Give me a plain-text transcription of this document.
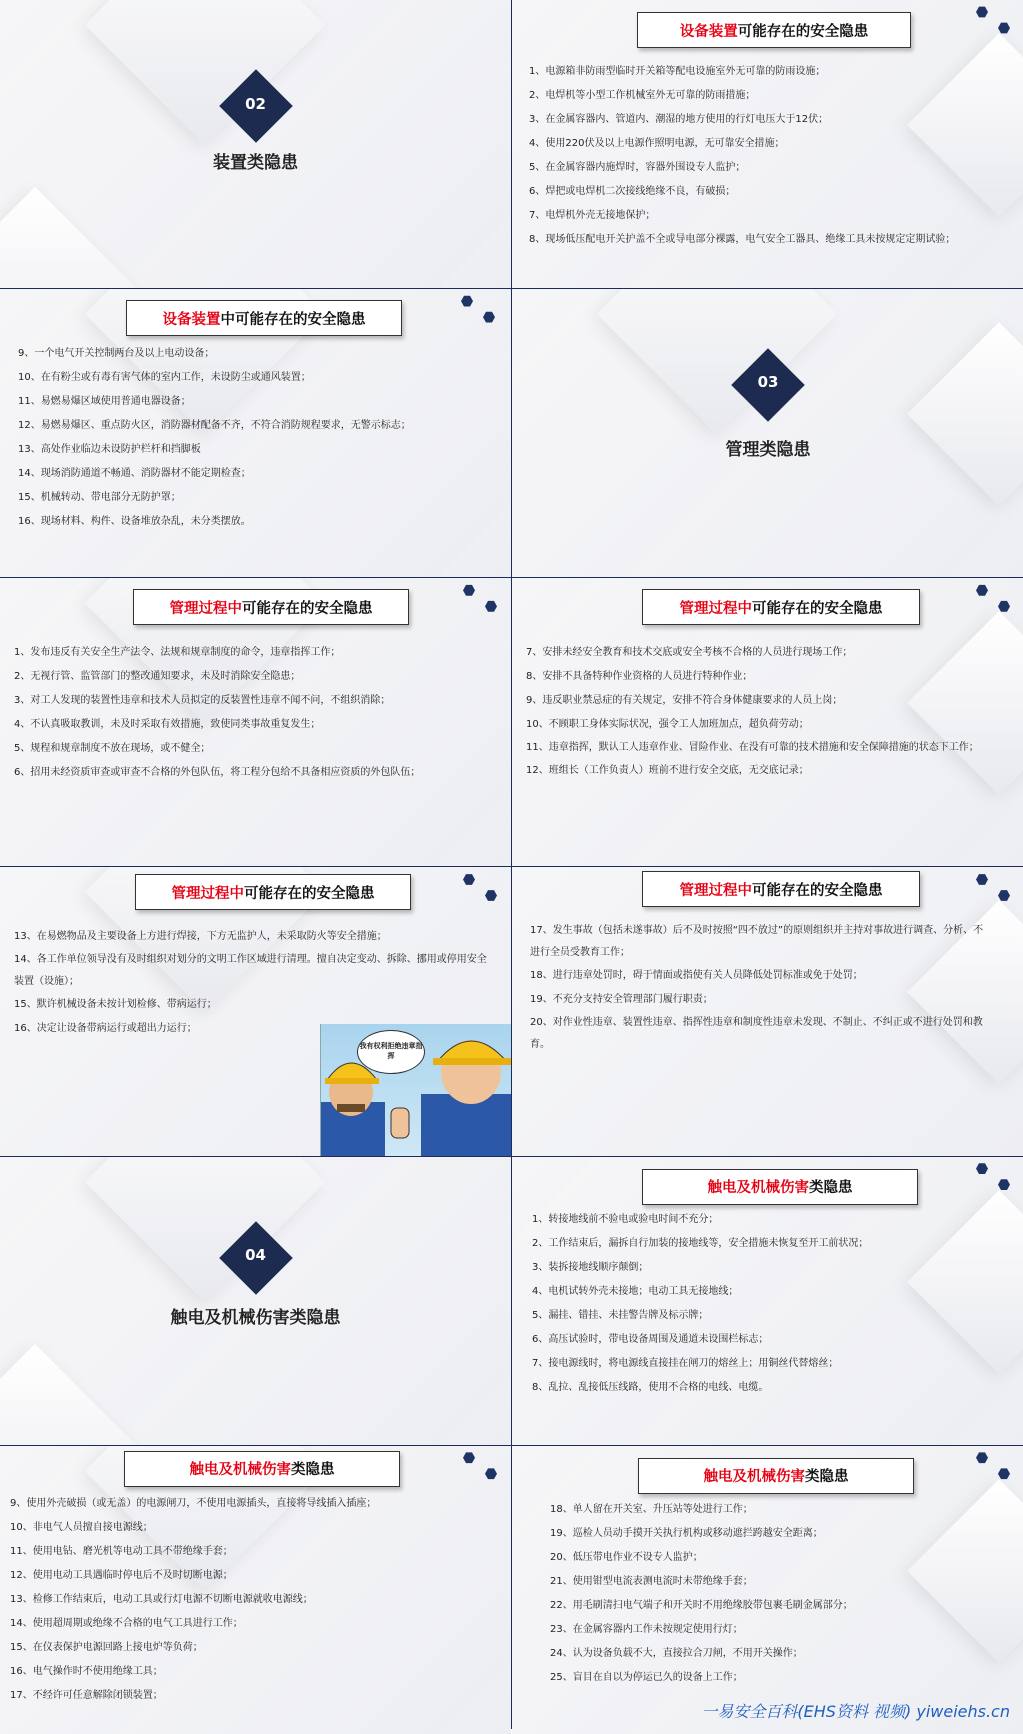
02
装置类隐患
设备装置 可能存在的安全隐患

1、电源箱非防雨型临时开关箱等配电设施室外无可靠的防雨设施；

2、电焊机等小型工作机械室外无可靠的防雨措施；

3、在金属容器内、管道内、潮湿的地方使用的行灯电压大于12伏；

4、使用220伏及以上电源作照明电源，无可靠安全措施；

5、在金属容器内施焊时，容器外围设专人监护；

6、焊把或电焊机二次接线绝缘不良，有破损；

7、电焊机外壳无接地保护；

8、现场低压配电开关护盖不全或导电部分裸露，电气安全工器具、绝缘工具未按规定定期试验；

设备装置 中可能存在的安全隐患

9、一个电气开关控制两台及以上电动设备；

10、在有粉尘或有毒有害气体的室内工作，未设防尘或通风装置；

11、易燃易爆区域使用普通电器设备；

12、易燃易爆区、重点防火区，消防器材配备不齐，不符合消防规程要求，无警示标志；

13、高处作业临边未设防护栏杆和挡脚板

14、现场消防通道不畅通、消防器材不能定期检查；

15、机械转动、带电部分无防护罩；

16、现场材料、构件、设备堆放杂乱，未分类摆放。

03
管理类隐患
管理过程中 可能存在的安全隐患

1、发布违反有关安全生产法令、法规和规章制度的命令，违章指挥工作；

2、无视行管、监管部门的整改通知要求，未及时消除安全隐患；

3、对工人发现的装置性违章和技术人员拟定的反装置性违章不闻不问，不组织消除；

4、不认真吸取教训，未及时采取有效措施，致使同类事故重复发生；

5、规程和规章制度不放在现场，或不健全；

6、招用未经资质审查或审查不合格的外包队伍，将工程分包给不具备相应资质的外包队伍；

管理过程中 可能存在的安全隐患

7、安排未经安全教育和技术交底或安全考核不合格的人员进行现场工作；

8、安排不具备特种作业资格的人员进行特种作业；

9、违反职业禁忌症的有关规定，安排不符合身体健康要求的人员上岗；

10、不顾职工身体实际状况，强令工人加班加点，超负荷劳动；

11、违章指挥，默认工人违章作业、冒险作业、在没有可靠的技术措施和安全保障措施的状态下工作；

12、班组长（工作负责人）班前不进行安全交底，无交底记录；

管理过程中 可能存在的安全隐患

13、在易燃物品及主要设备上方进行焊接，下方无监护人，未采取防火等安全措施；

14、各工作单位领导没有及时组织对划分的文明工作区域进行清理。擅自决定变动、拆除、挪用或停用安全装置（设施）；

15、默许机械设备未按计划检修、带病运行；

16、决定让设备带病运行或超出力运行；

我有权利拒绝违章指挥
管理过程中 可能存在的安全隐患

17、发生事故（包括未遂事故）后不及时按照“四不放过”的原则组织并主持对事故进行调查、分析、不进行全员受教育工作；

18、进行违章处罚时，碍于情面或指使有关人员降低处罚标准或免于处罚；

19、不充分支持安全管理部门履行职责；

20、对作业性违章、装置性违章、指挥性违章和制度性违章未发现、不制止、不纠正或不进行处罚和教育。

04
触电及机械伤害类隐患
触电及机械伤害 类隐患

1、转接地线前不验电或验电时间不充分；

2、工作结束后，漏拆自行加装的接地线等，安全措施未恢复至开工前状况；

3、装拆接地线顺序颠倒；

4、电机试转外壳未接地；电动工具无接地线；

5、漏挂、错挂、未挂警告牌及标示牌；

6、高压试验时，带电设备周围及通道未设围栏标志；

7、接电源线时，将电源线直接挂在闸刀的熔丝上；用铜丝代替熔丝；

8、乱拉、乱接低压线路，使用不合格的电线、电缆。

触电及机械伤害 类隐患

9、使用外壳破损（或无盖）的电源闸刀，不使用电源插头，直接将导线插入插座；

10、非电气人员擅自接电源线；

11、使用电钻、磨光机等电动工具不带绝缘手套；

12、使用电动工具遇临时停电后不及时切断电源；

13、检修工作结束后，电动工具或行灯电源不切断电源就收电源线；

14、使用超周期或绝缘不合格的电气工具进行工作；

15、在仪表保护电源回路上接电炉等负荷；

16、电气操作时不使用绝缘工具；

17、不经许可任意解除闭锁装置；

触电及机械伤害 类隐患

18、单人留在开关室、升压站等处进行工作；

19、巡检人员动手摸开关执行机构或移动遮拦跨越安全距离；

20、低压带电作业不设专人监护；

21、使用钳型电流表测电流时未带绝缘手套；

22、用毛刷清扫电气端子和开关时不用绝缘胶带包裹毛刷金属部分；

23、在金属容器内工作未按规定使用行灯；

24、认为设备负载不大，直接拉合刀闸，不用开关操作；

25、盲目在自以为停运已久的设备上工作；

一易安全百科(EHS资料 视频) yiweiehs.cn
